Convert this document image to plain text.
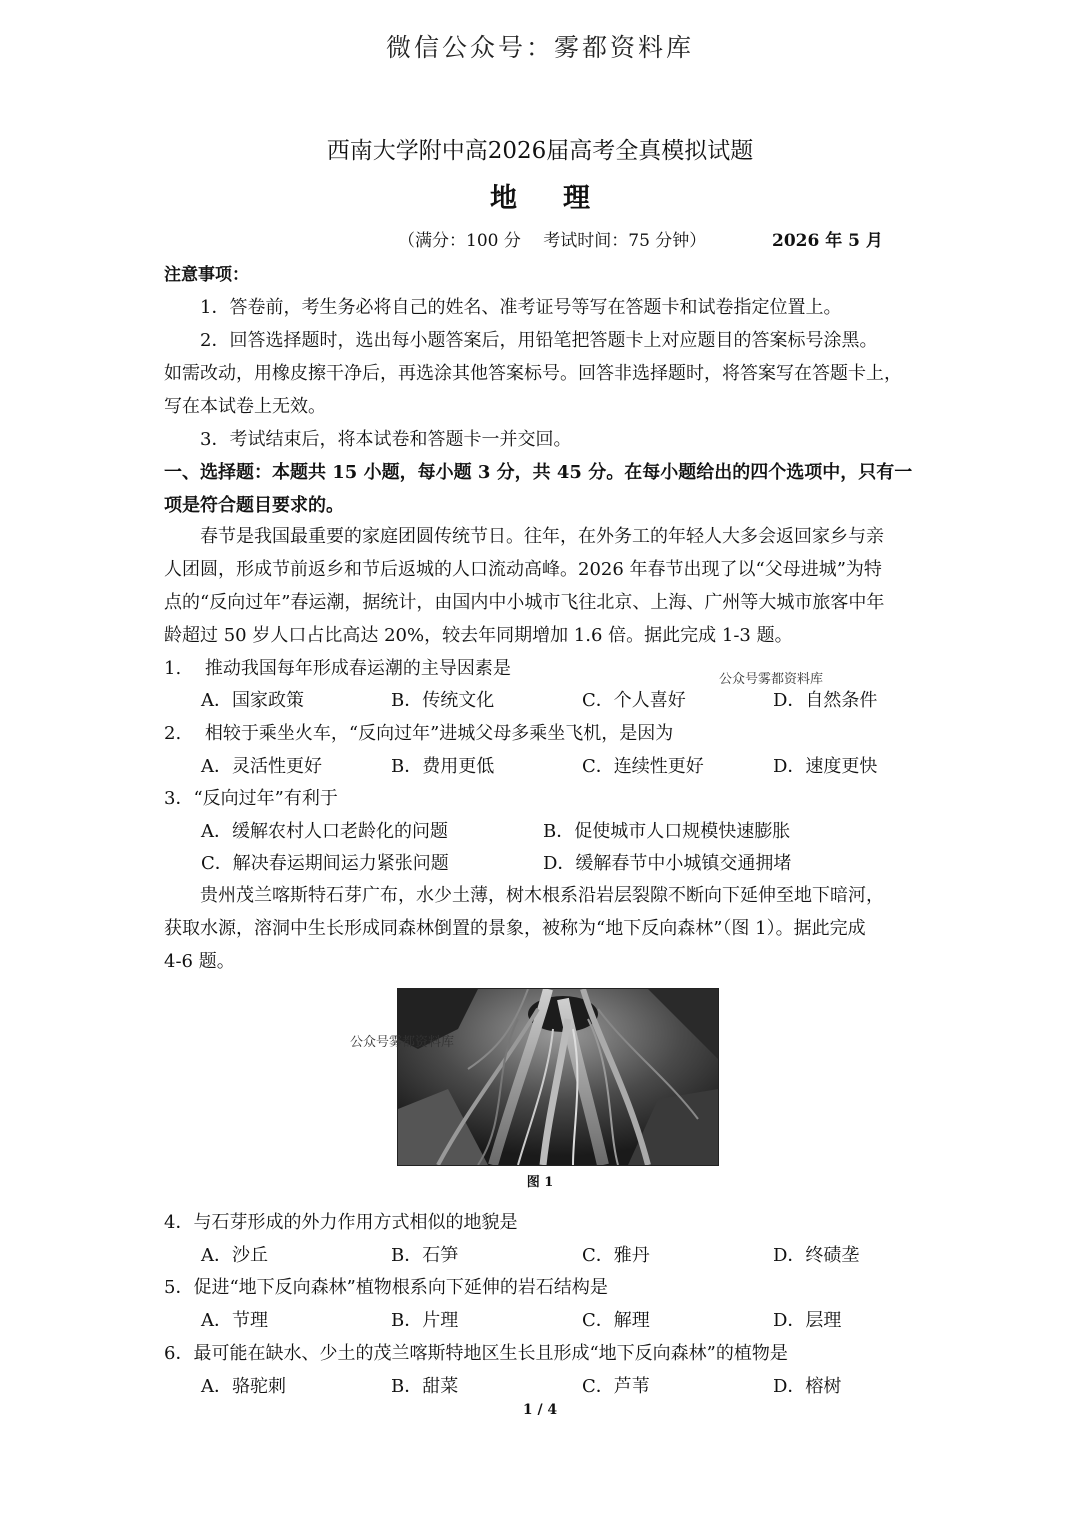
微信公众号：雾都资料库
西南大学附中高2026届高考全真模拟试题
地 理
（满分：100 分　 考试时间：75 分钟）	2026 年 5 月
注意事项：
1．答卷前，考生务必将自己的姓名、准考证号等写在答题卡和试卷指定位置上。
2．回答选择题时，选出每小题答案后，用铅笔把答题卡上对应题目的答案标号涂黑。
如需改动，用橡皮擦干净后，再选涂其他答案标号。回答非选择题时，将答案写在答题卡上，
写在本试卷上无效。
3．考试结束后，将本试卷和答题卡一并交回。
一、选择题：本题共 15 小题，每小题 3 分，共 45 分。在每小题给出的四个选项中，只有一
项是符合题目要求的。
春节是我国最重要的家庭团圆传统节日。往年，在外务工的年轻人大多会返回家乡与亲
人团圆，形成节前返乡和节后返城的人口流动高峰。2026 年春节出现了以“父母进城”为特
点的“反向过年”春运潮，据统计，由国内中小城市飞往北京、上海、广州等大城市旅客中年
龄超过 50 岁人口占比高达 20%，较去年同期增加 1.6 倍。据此完成 1-3 题。
1.　 推动我国每年形成春运潮的主导因素是
公众号雾都资料库
A．国家政策	B．传统文化	C．个人喜好	D．自然条件
2.　 相较于乘坐火车，“反向过年”进城父母多乘坐飞机，是因为
A．灵活性更好	B．费用更低	C．连续性更好	D．速度更快
3．“反向过年”有利于
A．缓解农村人口老龄化的问题	B．促使城市人口规模快速膨胀
C．解决春运期间运力紧张问题	D．缓解春节中小城镇交通拥堵
贵州茂兰喀斯特石芽广布，水少土薄，树木根系沿岩层裂隙不断向下延伸至地下暗河，
获取水源，溶洞中生长形成同森林倒置的景象，被称为“地下反向森林”（图 1）。据此完成
4-6 题。
公众号雾都资料库
图 1
4．与石芽形成的外力作用方式相似的地貌是
A．沙丘	B．石笋	C．雅丹	D．终碛垄
5．促进“地下反向森林”植物根系向下延伸的岩石结构是
A．节理	B．片理	C．解理	D．层理
6．最可能在缺水、少土的茂兰喀斯特地区生长且形成“地下反向森林”的植物是
A．骆驼刺	B．甜菜	C．芦苇	D．榕树
1 / 4
